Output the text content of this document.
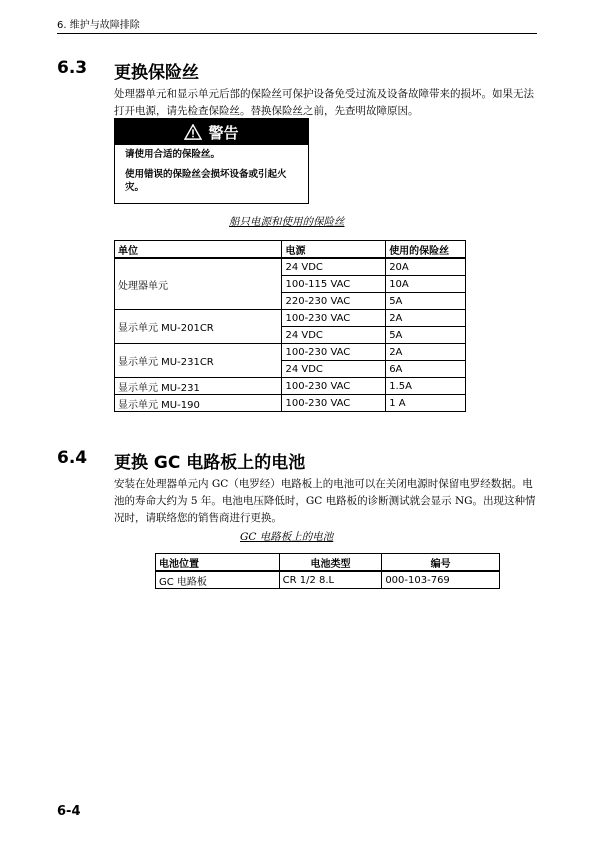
6. 维护与故障排除
6.3 更换保险丝
处理器单元和显示单元后部的保险丝可保护设备免受过流及设备故障带来的损坏。如果无法打开电源，请先检查保险丝。替换保险丝之前，先查明故障原因。
警告

请使用合适的保险丝。

使用错误的保险丝会损坏设备或引起火灾。

船只电源和使用的保险丝
单位	电源	使用的保险丝
处理器单元	24 VDC	20A
	100-115 VAC	10A
	220-230 VAC	5A
显示单元 MU-201CR	100-230 VAC	2A
	24 VDC	5A
显示单元 MU-231CR	100-230 VAC	2A
	24 VDC	6A
显示单元 MU-231	100-230 VAC	1.5A
显示单元 MU-190	100-230 VAC	1 A
6.4 更换 GC 电路板上的电池
安装在处理器单元内 GC（电罗经）电路板上的电池可以在关闭电源时保留电罗经数据。电池的寿命大约为 5 年。电池电压降低时，GC 电路板的诊断测试就会显示 NG。出现这种情况时，请联络您的销售商进行更换。
GC 电路板上的电池
电池位置	电池类型	编号
GC 电路板	CR 1/2 8.L	000-103-769
6-4
